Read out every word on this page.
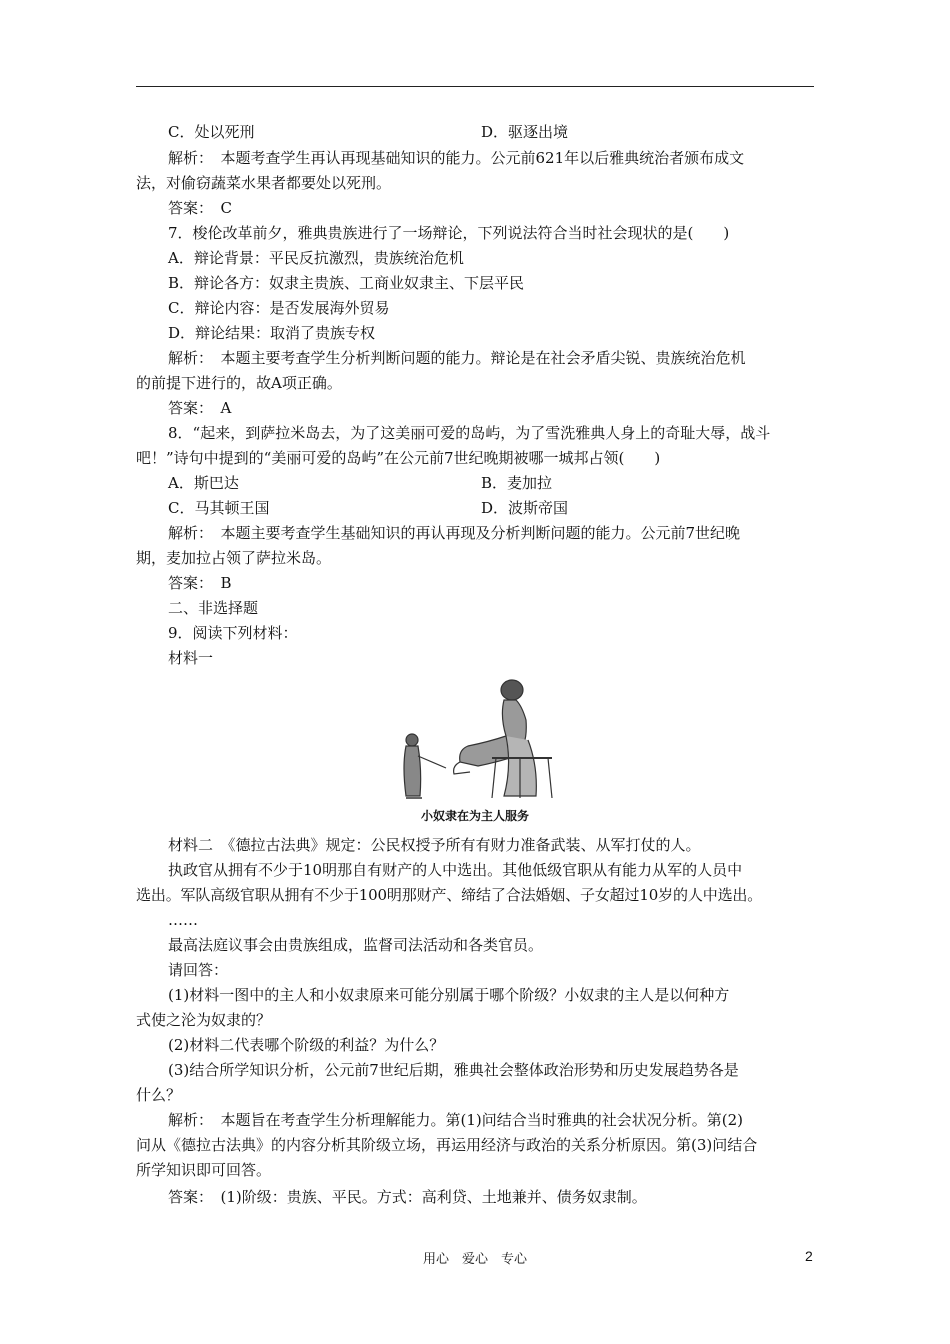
C．处以死刑	D．驱逐出境
解析：　本题考查学生再认再现基础知识的能力。公元前621年以后雅典统治者颁布成文
法，对偷窃蔬菜水果者都要处以死刑。
答案：　C
7．梭伦改革前夕，雅典贵族进行了一场辩论，下列说法符合当时社会现状的是(　　)
A．辩论背景：平民反抗激烈，贵族统治危机
B．辩论各方：奴隶主贵族、工商业奴隶主、下层平民
C．辩论内容：是否发展海外贸易
D．辩论结果：取消了贵族专权
解析：　本题主要考查学生分析判断问题的能力。辩论是在社会矛盾尖锐、贵族统治危机
的前提下进行的，故A项正确。
答案：　A
8．“起来，到萨拉米岛去，为了这美丽可爱的岛屿，为了雪洗雅典人身上的奇耻大辱，战斗
吧！”诗句中提到的“美丽可爱的岛屿”在公元前7世纪晚期被哪一城邦占领(　　)
A．斯巴达	B．麦加拉
C．马其顿王国	D．波斯帝国
解析：　本题主要考查学生基础知识的再认再现及分析判断问题的能力。公元前7世纪晚
期，麦加拉占领了萨拉米岛。
答案：　B
二、非选择题
9．阅读下列材料：
材料一
小奴隶在为主人服务
材料二　《德拉古法典》规定：公民权授予所有有财力准备武装、从军打仗的人。
执政官从拥有不少于10明那自有财产的人中选出。其他低级官职从有能力从军的人员中
选出。军队高级官职从拥有不少于100明那财产、缔结了合法婚姻、子女超过10岁的人中选出。
……
最高法庭议事会由贵族组成，监督司法活动和各类官员。
请回答：
(1)材料一图中的主人和小奴隶原来可能分别属于哪个阶级？小奴隶的主人是以何种方
式使之沦为奴隶的？
(2)材料二代表哪个阶级的利益？为什么？
(3)结合所学知识分析，公元前7世纪后期，雅典社会整体政治形势和历史发展趋势各是
什么？
解析：　本题旨在考查学生分析理解能力。第(1)问结合当时雅典的社会状况分析。第(2)
问从《德拉古法典》的内容分析其阶级立场，再运用经济与政治的关系分析原因。第(3)问结合
所学知识即可回答。
答案：　(1)阶级：贵族、平民。方式：高利贷、土地兼并、债务奴隶制。
用心　爱心　专心	2
